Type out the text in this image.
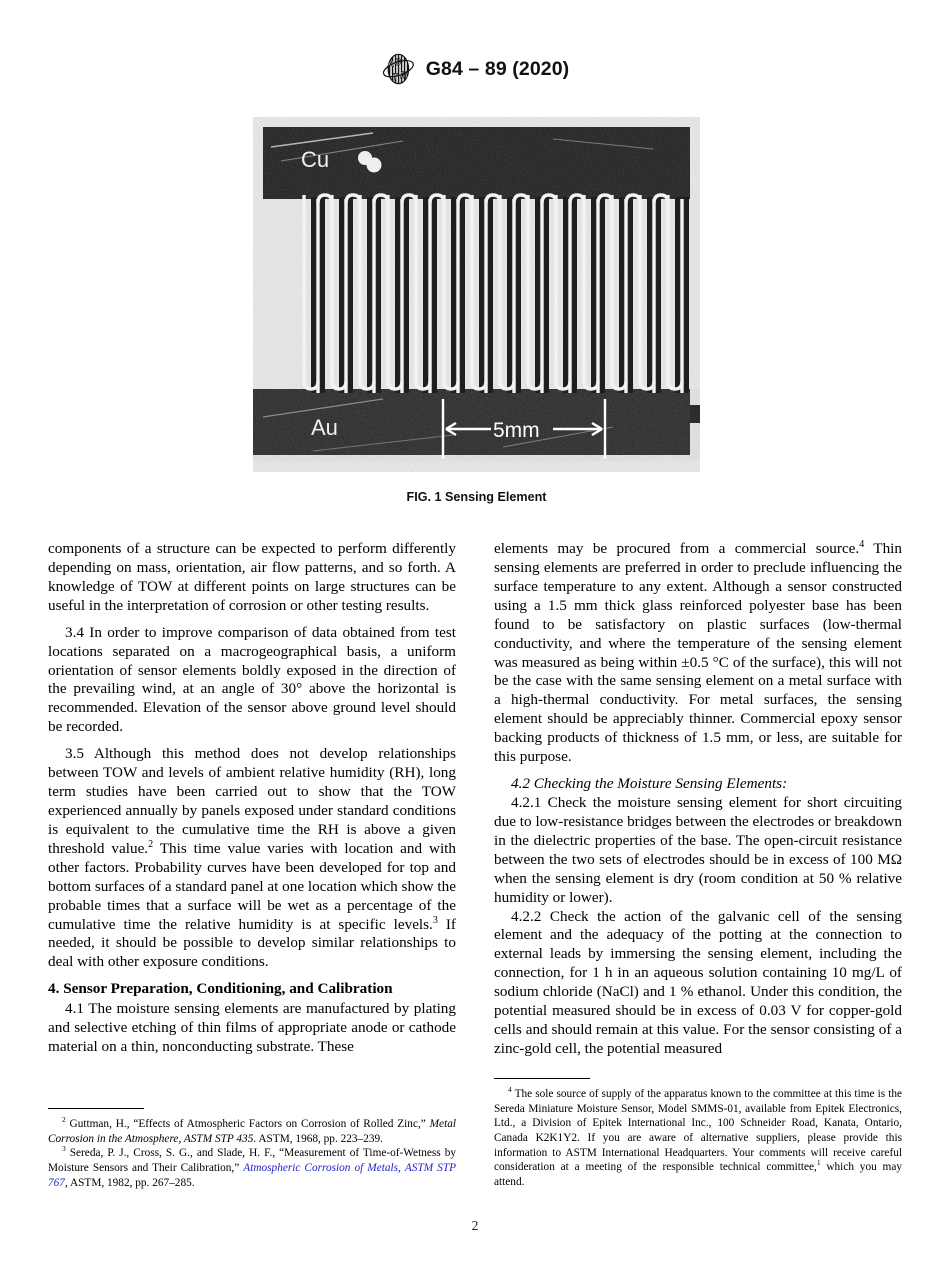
A S
T M G84 – 89 (2020)
Cu
Au	5mm
FIG. 1 Sensing Element

components of a structure can be expected to perform differently depending on mass, orientation, air flow patterns, and so forth. A knowledge of TOW at different points on large structures can be useful in the interpretation of corrosion or other testing results.

3.4 In order to improve comparison of data obtained from test locations separated on a macrogeographical basis, a uniform orientation of sensor elements boldly exposed in the direction of the prevailing wind, at an angle of 30° above the horizontal is recommended. Elevation of the sensor above ground level should be recorded.

3.5 Although this method does not develop relationships between TOW and levels of ambient relative humidity (RH), long term studies have been carried out to show that the TOW experienced annually by panels exposed under standard conditions is equivalent to the cumulative time the RH is above a given threshold value.$^2$ This time value varies with location and with other factors. Probability curves have been developed for top and bottom surfaces of a standard panel at one location which show the probable times that a surface will be wet as a percentage of the cumulative time the relative humidity is at specific levels.$^3$ If needed, it should be possible to develop similar relationships to deal with other exposure conditions.

4. Sensor Preparation, Conditioning, and Calibration

4.1 The moisture sensing elements are manufactured by plating and selective etching of thin films of appropriate anode or cathode material on a thin, nonconducting substrate. These

elements may be procured from a commercial source.$^4$ Thin sensing elements are preferred in order to preclude influencing the surface temperature to any extent. Although a sensor constructed using a 1.5 mm thick glass reinforced polyester base has been found to be satisfactory on plastic surfaces (low-thermal conductivity, and where the temperature of the sensing element was measured as being within ±0.5 °C of the surface), this will not be the case with the same sensing element on a metal surface with a high-thermal conductivity. For metal surfaces, the sensing element should be appreciably thinner. Commercial epoxy sensor backing products of thickness of 1.5 mm, or less, are suitable for this purpose.

4.2 Checking the Moisture Sensing Elements:

4.2.1 Check the moisture sensing element for short circuiting due to low-resistance bridges between the electrodes or breakdown in the dielectric properties of the base. The open-circuit resistance between the two sets of electrodes should be in excess of 100 MΩ when the sensing element is dry (room condition at 50 % relative humidity or lower).

4.2.2 Check the action of the galvanic cell of the sensing element and the adequacy of the potting at the connection to external leads by immersing the sensing element, including the connection, for 1 h in an aqueous solution containing 10 mg/L of sodium chloride (NaCl) and 1 % ethanol. Under this condition, the potential measured should be in excess of 0.03 V for copper-gold cells and should remain at this value. For the sensor consisting of a zinc-gold cell, the potential measured

$^2$ Guttman, H., “Effects of Atmospheric Factors on Corrosion of Rolled Zinc,” Metal Corrosion in the Atmosphere, ASTM STP 435. ASTM, 1968, pp. 223–239.

$^3$ Sereda, P. J., Cross, S. G., and Slade, H. F., “Measurement of Time-of-Wetness by Moisture Sensors and Their Calibration,” Atmospheric Corrosion of Metals, ASTM STP 767, ASTM, 1982, pp. 267–285.

$^4$ The sole source of supply of the apparatus known to the committee at this time is the Sereda Miniature Moisture Sensor, Model SMMS-01, available from Epitek Electronics, Ltd., a Division of Epitek International Inc., 100 Schneider Road, Kanata, Ontario, Canada K2K1Y2. If you are aware of alternative suppliers, please provide this information to ASTM International Headquarters. Your comments will receive careful consideration at a meeting of the responsible technical committee,$^1$ which you may attend.

2
